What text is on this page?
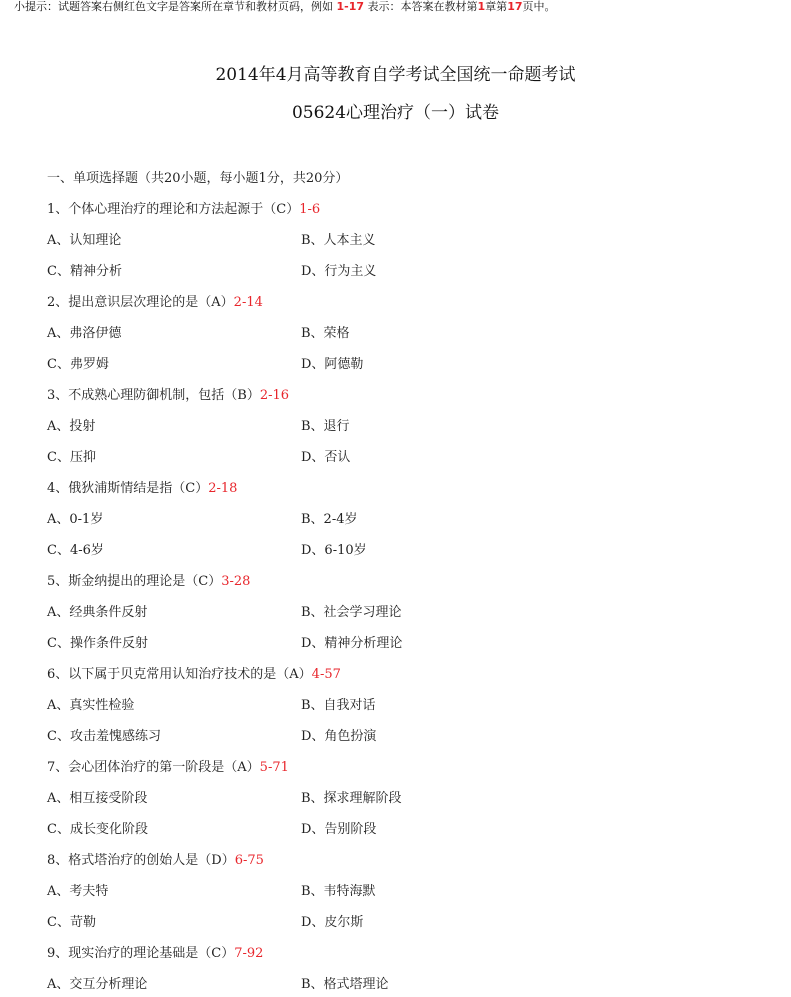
小提示：试题答案右侧红色文字是答案所在章节和教材页码，例如 1-17 表示：本答案在教材第1章第17页中。
2014年4月高等教育自学考试全国统一命题考试
05624心理治疗（一）试卷
一、单项选择题（共20小题，每小题1分，共20分）
1、个体心理治疗的理论和方法起源于（C）1-6
A、认知理论	B、人本主义
C、精神分析	D、行为主义
2、提出意识层次理论的是（A）2-14
A、弗洛伊德	B、荣格
C、弗罗姆	D、阿德勒
3、不成熟心理防御机制，包括（B）2-16
A、投射	B、退行
C、压抑	D、否认
4、俄狄浦斯情结是指（C）2-18
A、0-1岁	B、2-4岁
C、4-6岁	D、6-10岁
5、斯金纳提出的理论是（C）3-28
A、经典条件反射	B、社会学习理论
C、操作条件反射	D、精神分析理论
6、以下属于贝克常用认知治疗技术的是（A）4-57
A、真实性检验	B、自我对话
C、攻击羞愧感练习	D、角色扮演
7、会心团体治疗的第一阶段是（A）5-71
A、相互接受阶段	B、探求理解阶段
C、成长变化阶段	D、告别阶段
8、格式塔治疗的创始人是（D）6-75
A、考夫特	B、韦特海默
C、苛勒	D、皮尔斯
9、现实治疗的理论基础是（C）7-92
A、交互分析理论	B、格式塔理论
